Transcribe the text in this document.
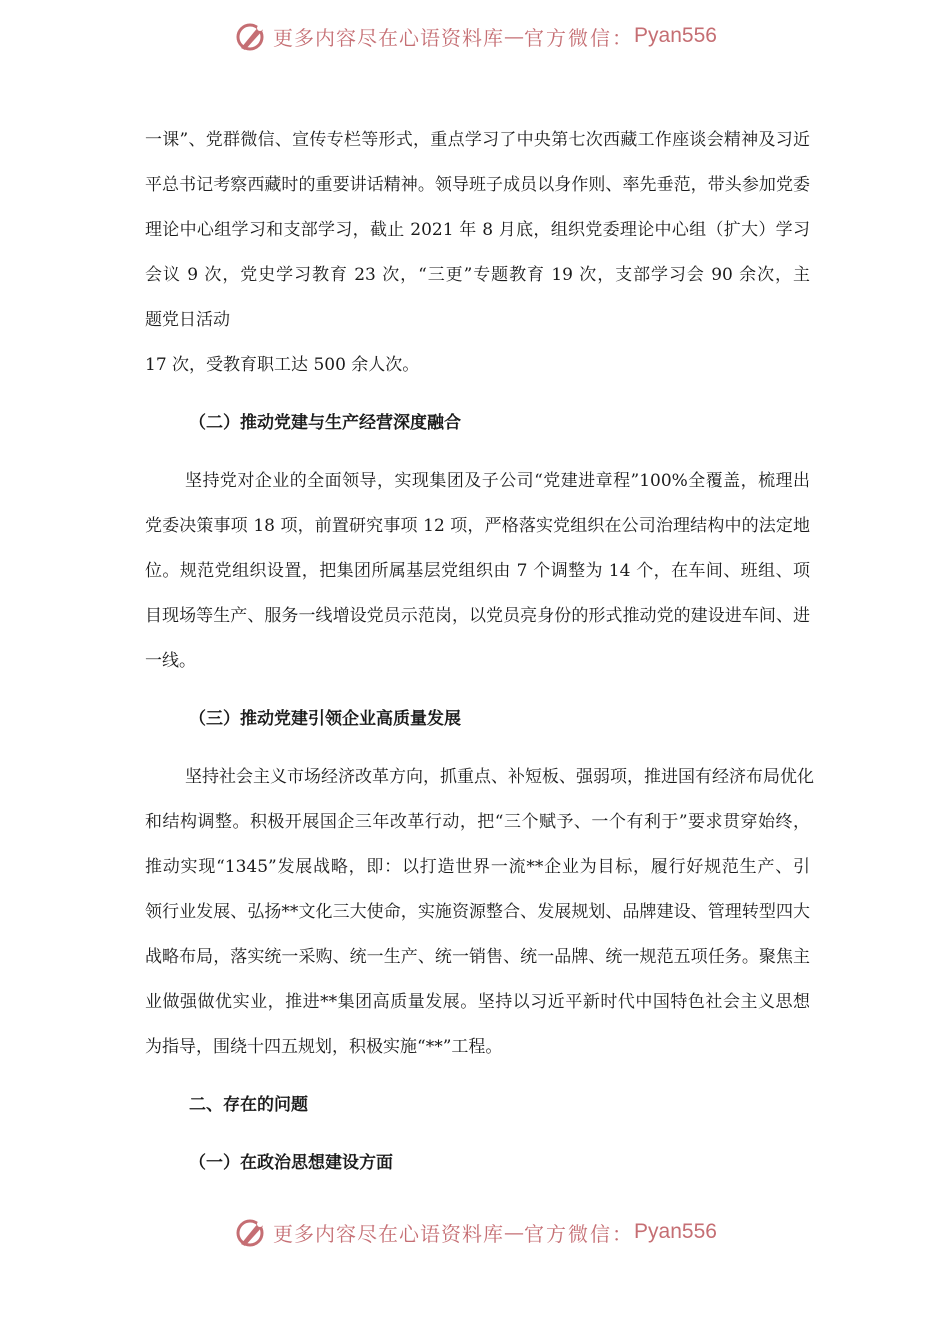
更多内容尽在心语资料库 — 官方微信： Pyan556
一课”、党群微信、宣传专栏等形式，重点学习了中央第七次西藏工作座谈会精神及习近
平总书记考察西藏时的重要讲话精神。领导班子成员以身作则、率先垂范，带头参加党委
理论中心组学习和支部学习，截止 2021 年 8 月底，组织党委理论中心组（扩大）学习
会议 9 次，党史学习教育 23 次，“三更”专题教育 19 次，支部学习会 90 余次，主
题党日活动
17 次，受教育职工达 500 余人次。
（二）推动党建与生产经营深度融合
坚持党对企业的全面领导，实现集团及子公司“党建进章程”100%全覆盖，梳理出
党委决策事项 18 项，前置研究事项 12 项，严格落实党组织在公司治理结构中的法定地
位。规范党组织设置，把集团所属基层党组织由 7 个调整为 14 个，在车间、班组、项
目现场等生产、服务一线增设党员示范岗，以党员亮身份的形式推动党的建设进车间、进
一线。
（三）推动党建引领企业高质量发展
坚持社会主义市场经济改革方向，抓重点、补短板、强弱项，推进国有经济布局优化
和结构调整。积极开展国企三年改革行动，把“三个赋予、一个有利于”要求贯穿始终，
推动实现“1345”发展战略，即：以打造世界一流**企业为目标，履行好规范生产、引
领行业发展、弘扬**文化三大使命，实施资源整合、发展规划、品牌建设、管理转型四大
战略布局，落实统一采购、统一生产、统一销售、统一品牌、统一规范五项任务。聚焦主
业做强做优实业，推进**集团高质量发展。坚持以习近平新时代中国特色社会主义思想
为指导，围绕十四五规划，积极实施“**”工程。
二、存在的问题
（一）在政治思想建设方面
更多内容尽在心语资料库 — 官方微信： Pyan556
